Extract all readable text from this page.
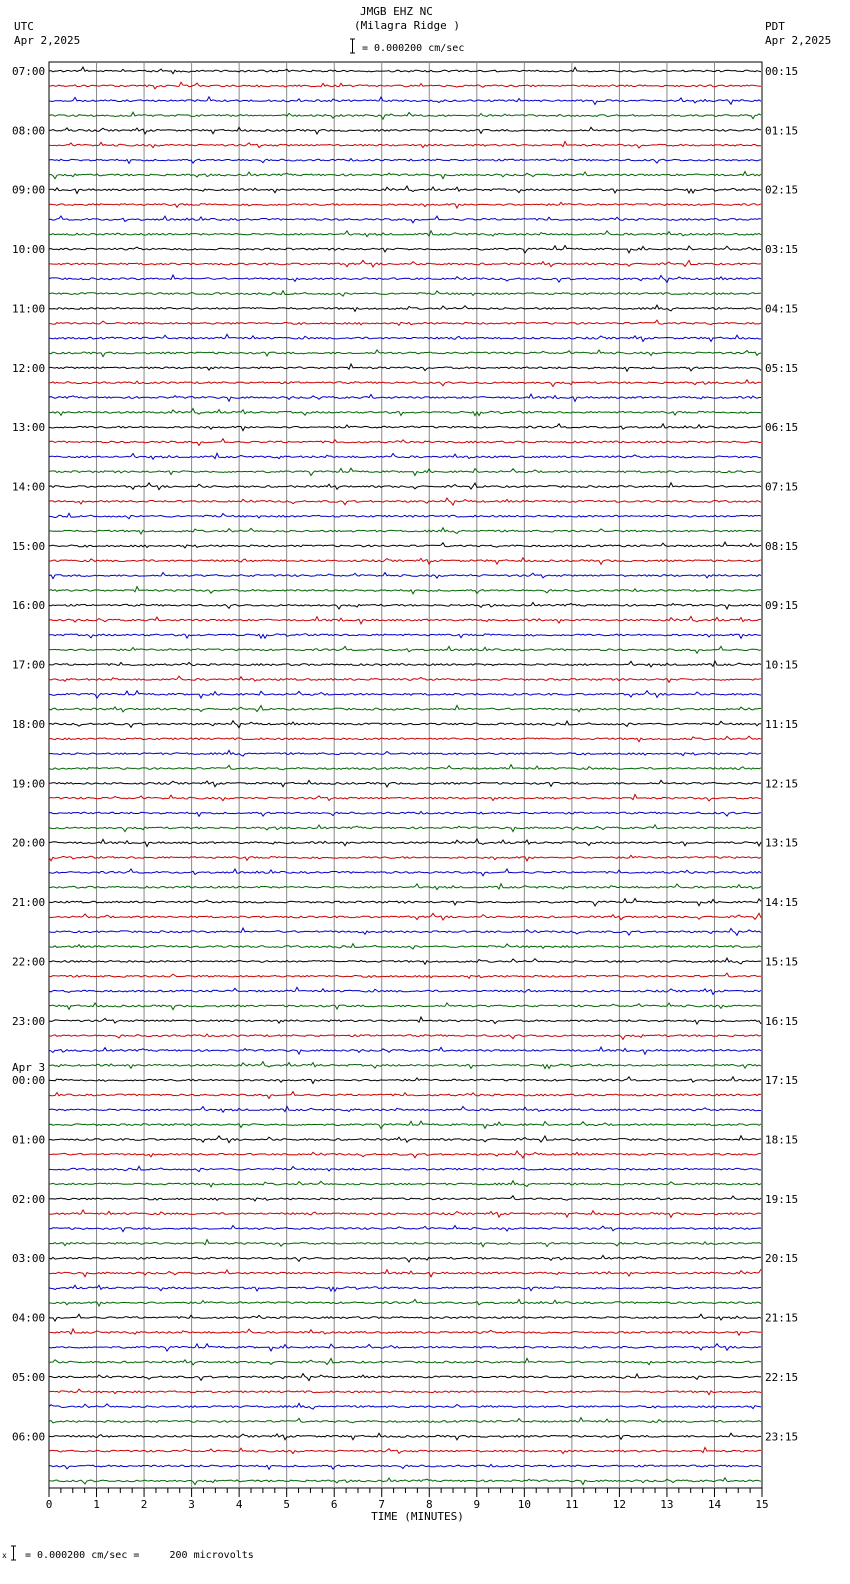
UTC
Apr 2,2025
JMGB EHZ NC
(Milagra Ridge )
= 0.000200 cm/sec
PDT
Apr 2,2025
x = 0.000200 cm/sec =     200 microvolts
07:00
08:00
09:00
10:00
11:00
12:00
13:00
14:00
15:00
16:00
17:00
18:00
19:00
20:00
21:00
22:00
23:00
00:00
01:00
02:00
03:00
04:00
05:00
06:00
Apr 3
00:15
01:15
02:15
03:15
04:15
05:15
06:15
07:15
08:15
09:15
10:15
11:15
12:15
13:15
14:15
15:15
16:15
17:15
18:15
19:15
20:15
21:15
22:15
23:15
0	1	2	3	4	5	6	7	8	9	10	11	12	13	14	15
TIME (MINUTES)
